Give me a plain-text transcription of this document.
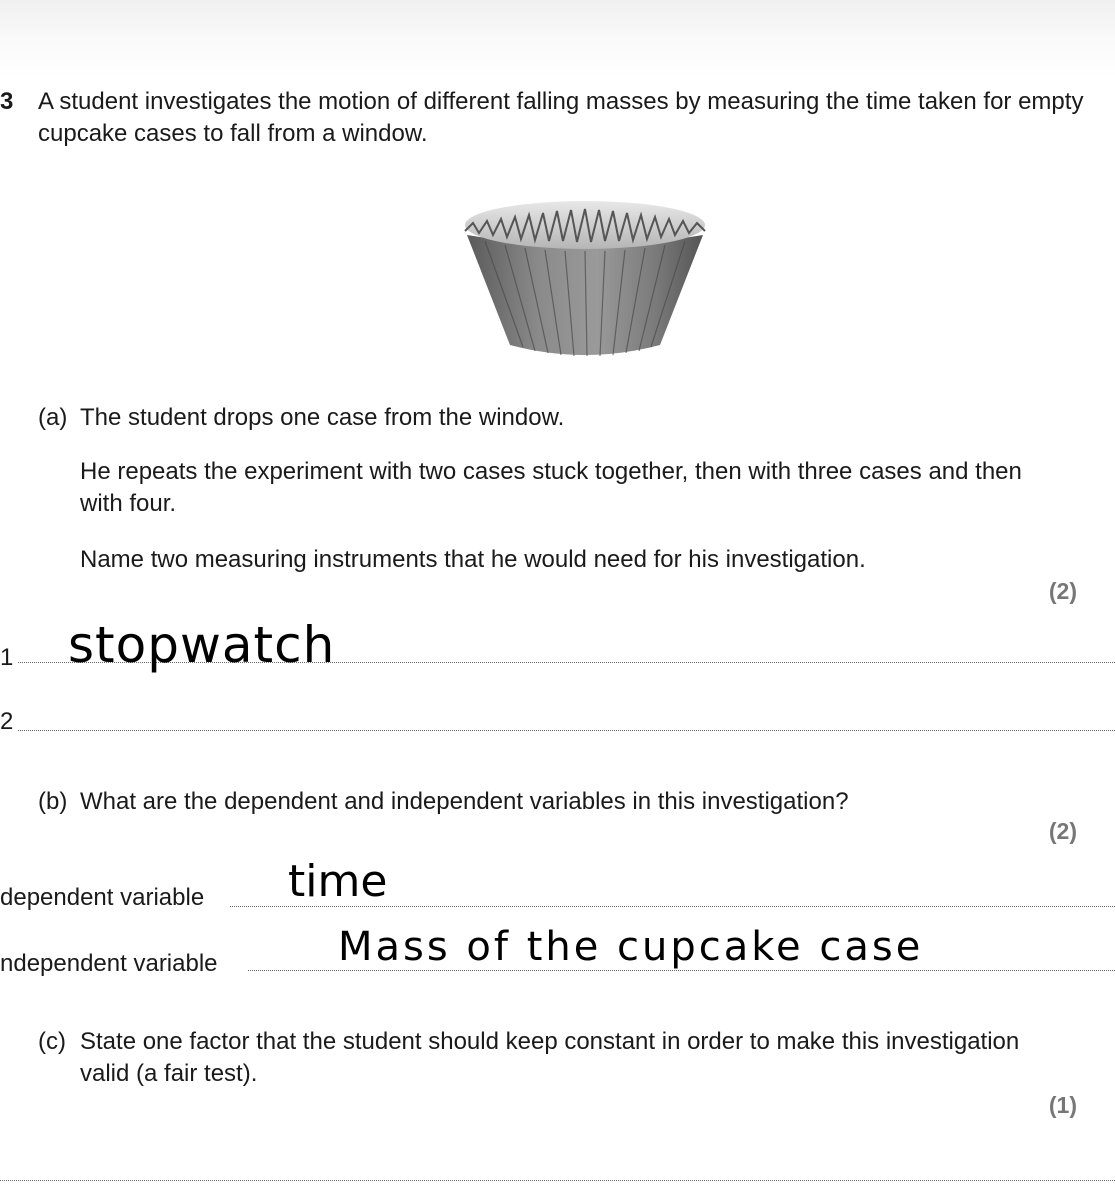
3 A student investigates the motion of different falling masses by measuring the time taken for empty cupcake cases to fall from a window.
(a) The student drops one case from the window.
He repeats the experiment with two cases stuck together, then with three cases and then with four.
Name two measuring instruments that he would need for his investigation.
(2)
1 stopwatch
2
(b) What are the dependent and independent variables in this investigation?
(2)
dependent variable time
ndependent variable	Mass of the cupcake case
(c) State one factor that the student should keep constant in order to make this investigation valid (a fair test).
(1)
